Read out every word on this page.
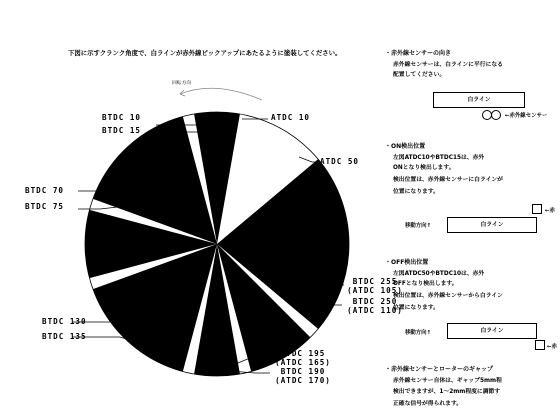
下図に示すクランク角度で、白ラインが赤外線ピックアップにあたるように塗装してください。
回転方向
BTDC 10
BTDC 15
ATDC 10
ATDC 50
BTDC 70
BTDC 75
BTDC 255
(ATDC 105)
BTDC 250
(ATDC 110)
BTDC 130
BTDC 135
BTDC 195
(ATDC 165)
BTDC 190
(ATDC 170)
・赤外線センサーの向き
赤外線センサーは、白ラインに平行になる
配置してください。
白ライン
←赤外線センサー
・ON検出位置
左図ATDC10やBTDC15は、赤外
ONとなり検出します。
検出位置は、赤外線センサーに白ラインが
位置になります。
←赤
移動方向↑	白ライン
・OFF検出位置
左図ATDC50やBTDC10は、赤外
OFFとなり検出します。
検出位置は、赤外線センサーから白ライン
位置になります。
移動方向↑	白ライン
←赤
・赤外線センサーとローターのギャップ
赤外線センサー自体は、ギャップ5mm程
検出できますが、1～2mm程度に調節す
正確な信号が得られます。
